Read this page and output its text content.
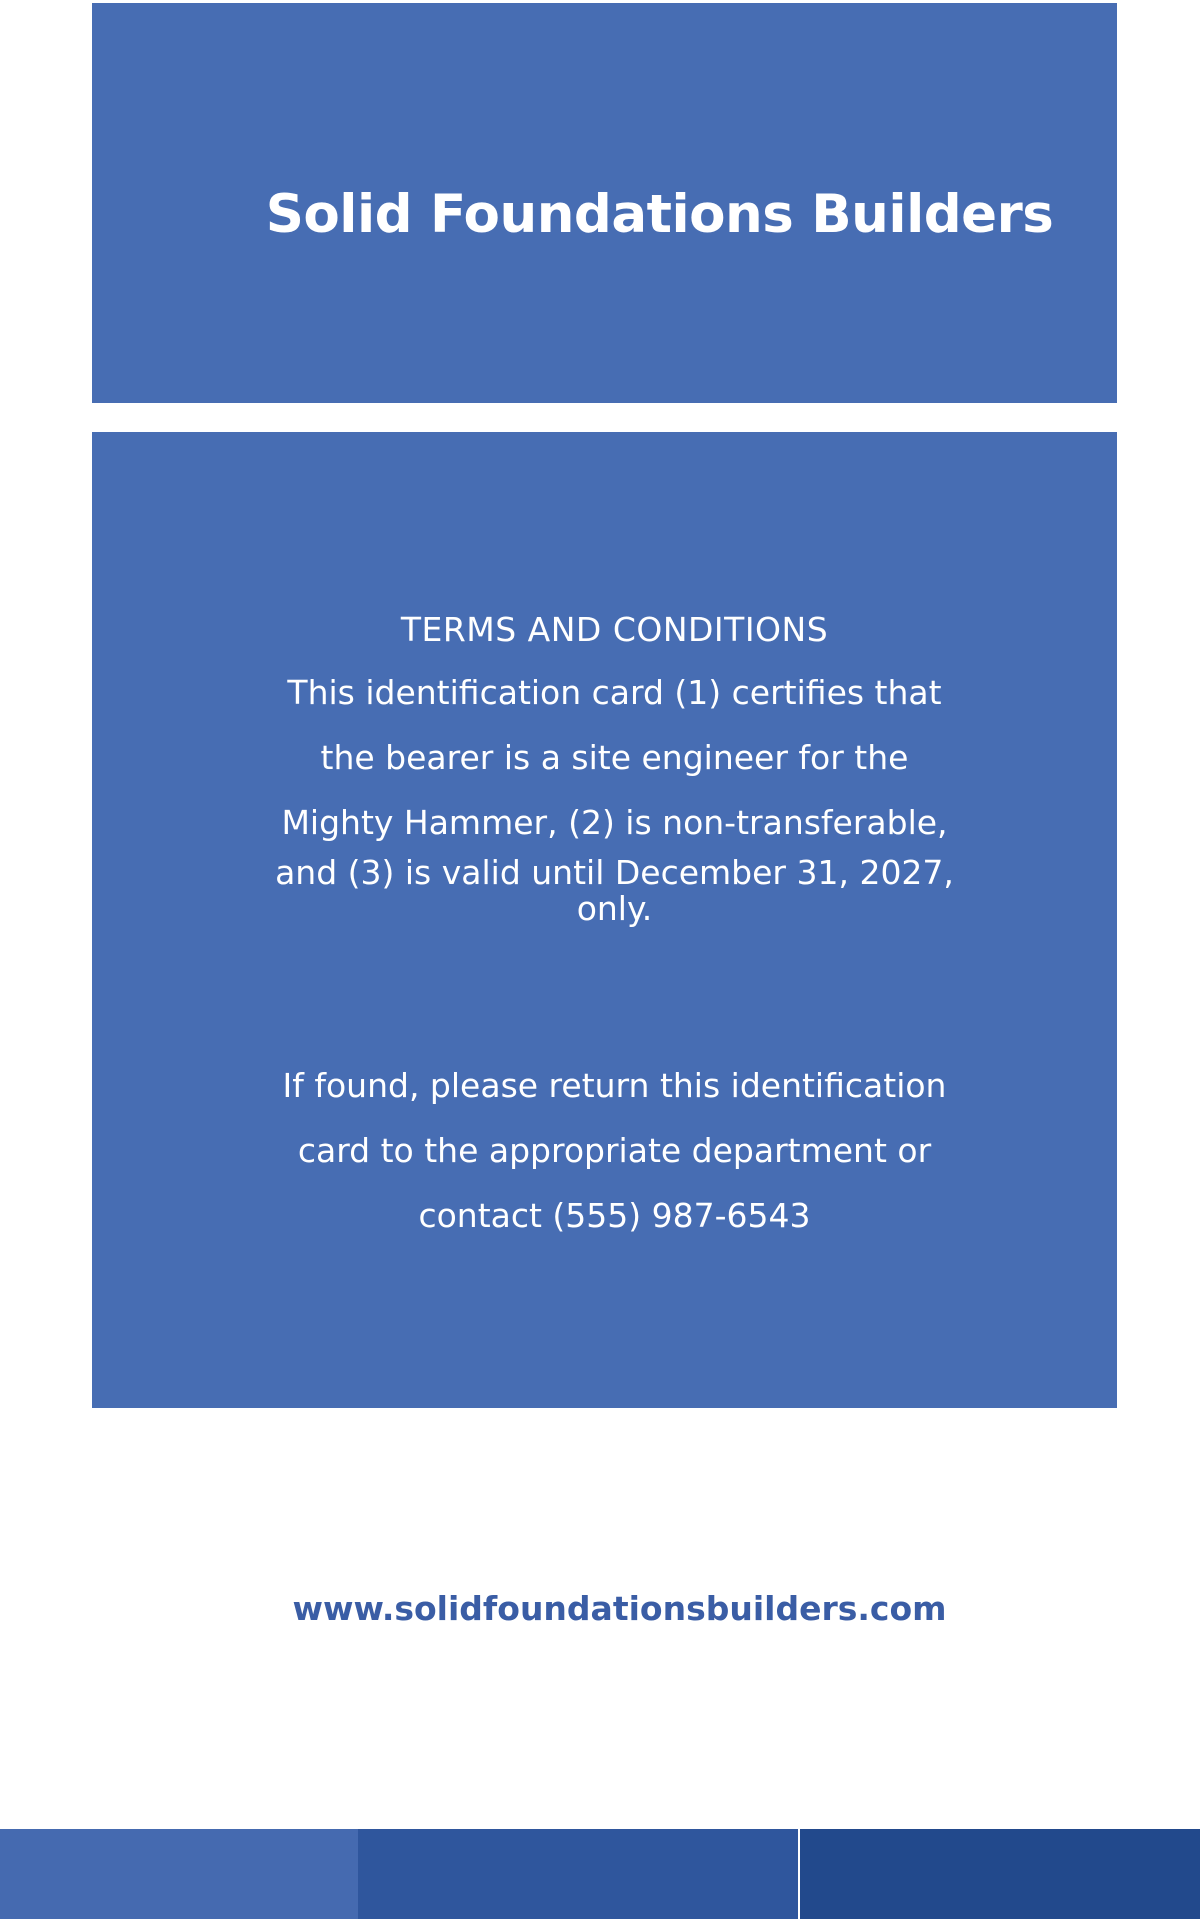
Solid Foundations Builders
TERMS AND CONDITIONS
This identification card (1) certifies that
the bearer is a site engineer for the
Mighty Hammer, (2) is non-transferable,
and (3) is valid until December 31, 2027,
only.
If found, please return this identification
card to the appropriate department or
contact (555) 987-6543
www.solidfoundationsbuilders.com
